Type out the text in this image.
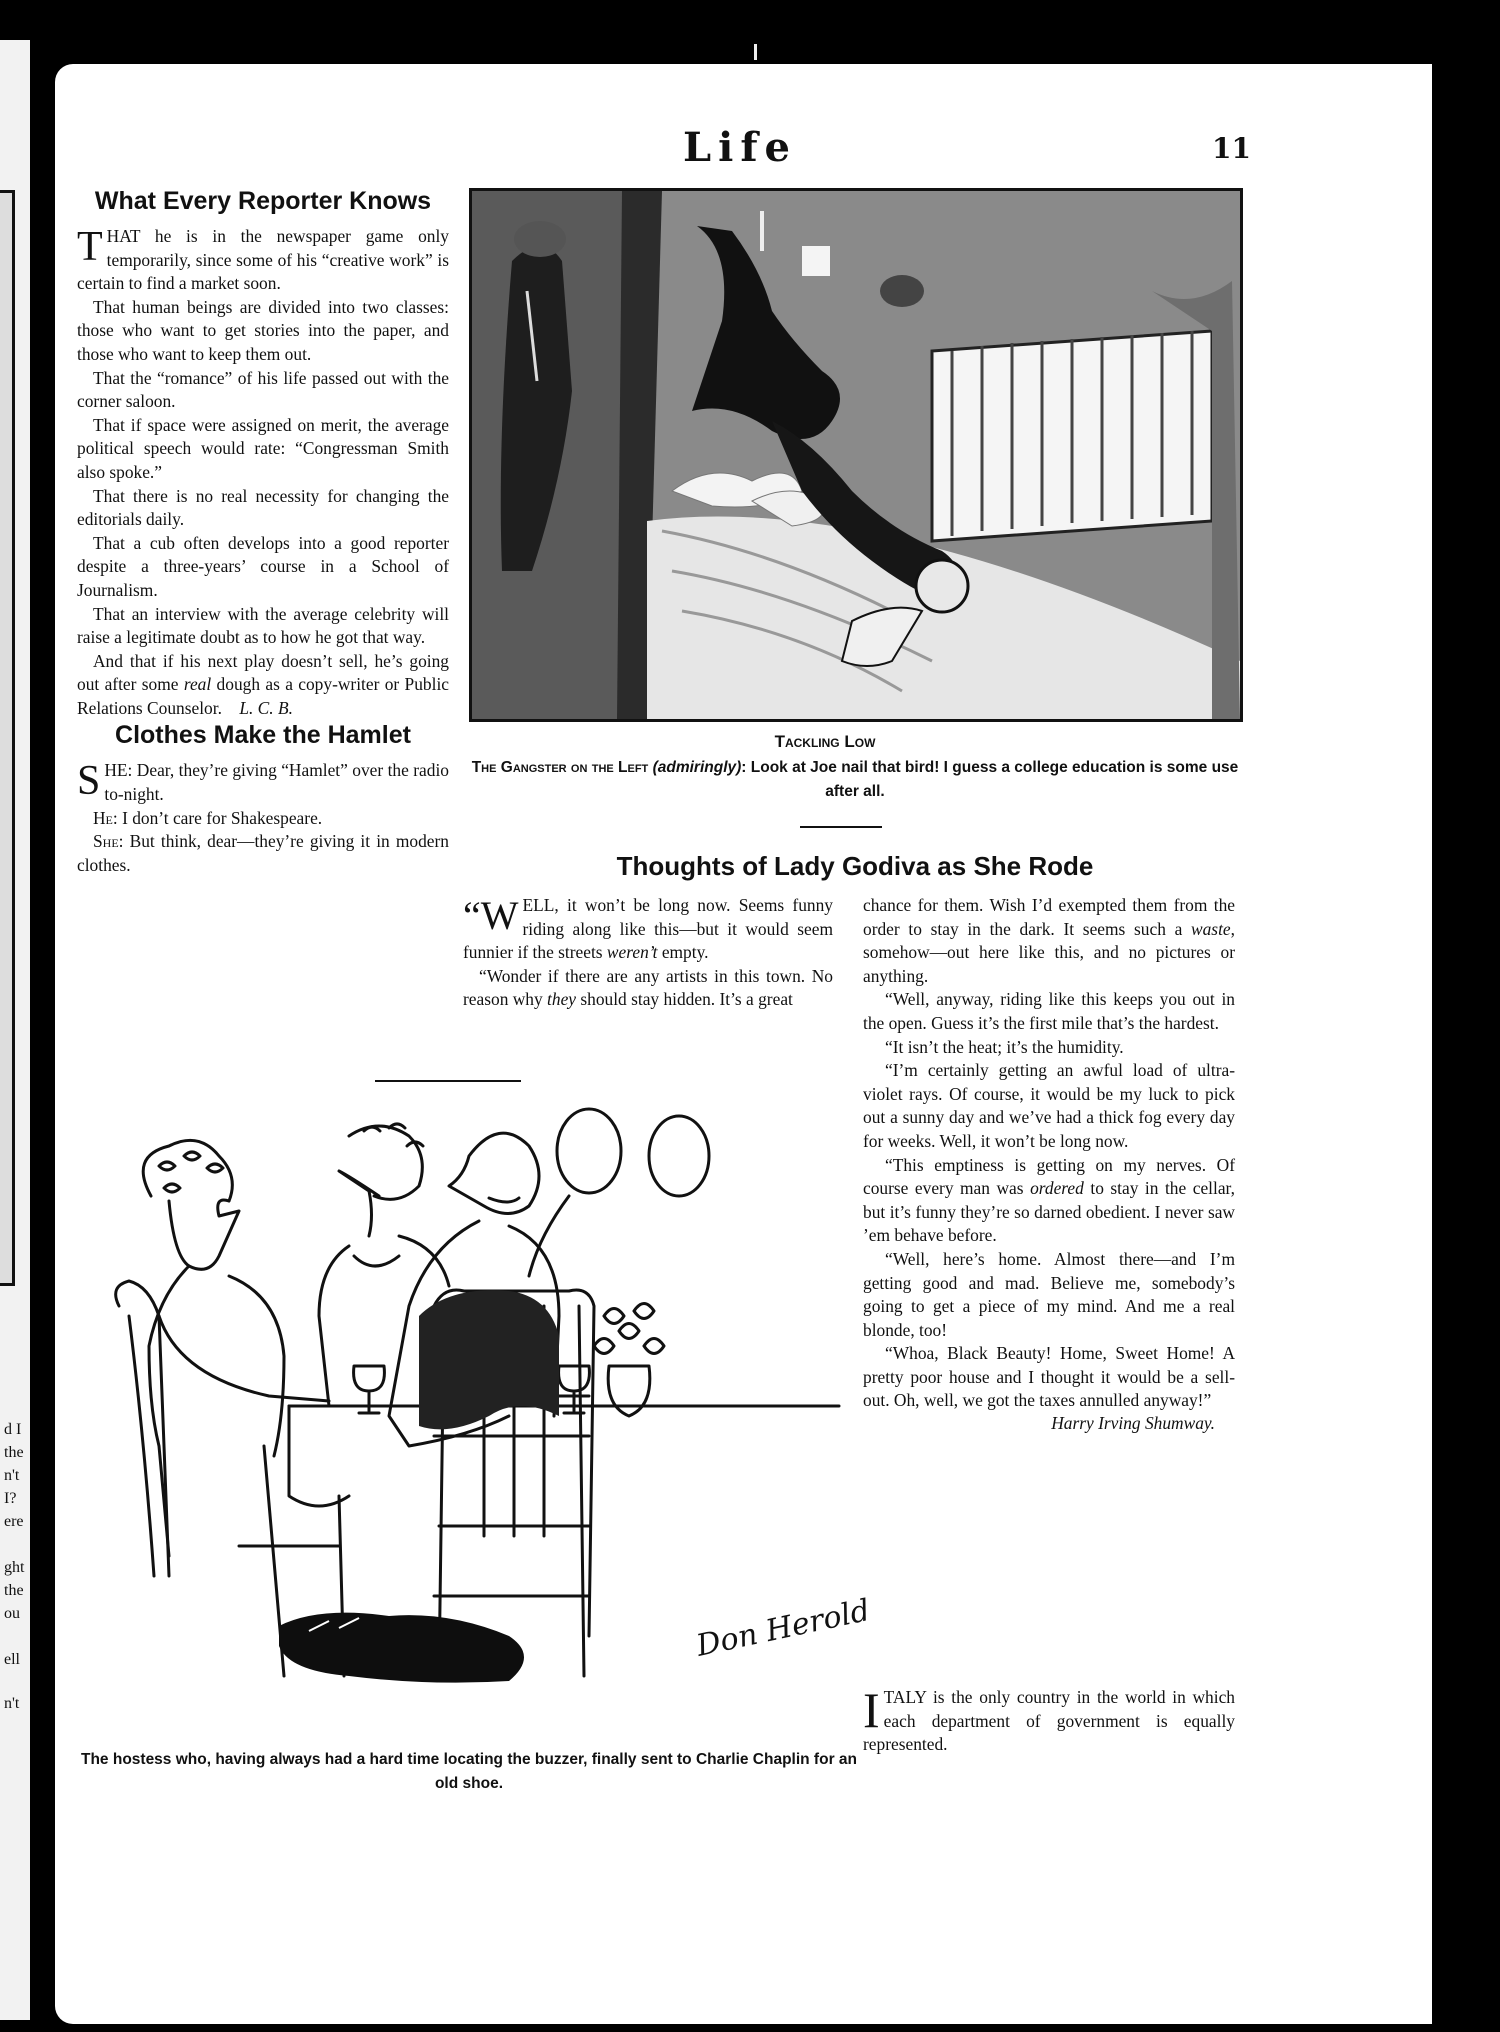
d I
the
n't
I?
ere
ght
the
ou
ell
n't
Life	11
What Every Reporter Knows

THAT he is in the newspaper game only temporarily, since some of his “creative work” is certain to find a market soon.

That human beings are divided into two classes: those who want to get stories into the paper, and those who want to keep them out.

That the “romance” of his life passed out with the corner saloon.

That if space were assigned on merit, the average political speech would rate: “Congressman Smith also spoke.”

That there is no real necessity for changing the editorials daily.

That a cub often develops into a good reporter despite a three-years’ course in a School of Journalism.

That an interview with the average celebrity will raise a legitimate doubt as to how he got that way.

And that if his next play doesn’t sell, he’s going out after some real dough as a copy-writer or Public Relations Counselor. L. C. B.

Clothes Make the Hamlet

SHE: Dear, they’re giving “Hamlet” over the radio to-night.

He: I don’t care for Shakespeare.

She: But think, dear—they’re giving it in modern clothes.

Tackling Low
The Gangster on the Left (admiringly): Look at Joe nail that bird! I guess a college education is some use after all.
Thoughts of Lady Godiva as She Rode

“WELL, it won’t be long now. Seems funny riding along like this—but it would seem funnier if the streets weren’t empty.

“Wonder if there are any artists in this town. No reason why they should stay hidden. It’s a great

chance for them. Wish I’d exempted them from the order to stay in the dark. It seems such a waste, somehow—out here like this, and no pictures or anything.

“Well, anyway, riding like this keeps you out in the open. Guess it’s the first mile that’s the hardest.

“It isn’t the heat; it’s the humidity.

“I’m certainly getting an awful load of ultra-violet rays. Of course, it would be my luck to pick out a sunny day and we’ve had a thick fog every day for weeks. Well, it won’t be long now.

“This emptiness is getting on my nerves. Of course every man was ordered to stay in the cellar, but it’s funny they’re so darned obedient. I never saw ’em behave before.

“Well, here’s home. Almost there—and I’m getting good and mad. Believe me, somebody’s going to get a piece of my mind. And me a real blonde, too!

“Whoa, Black Beauty! Home, Sweet Home! A pretty poor house and I thought it would be a sell-out. Oh, well, we got the taxes annulled anyway!”

Harry Irving Shumway.

ITALY is the only country in the world in which each department of government is equally represented.

Don Herold
The hostess who, having always had a hard time locating the buzzer, finally sent to Charlie Chaplin for an old shoe.
comicbooks.com
